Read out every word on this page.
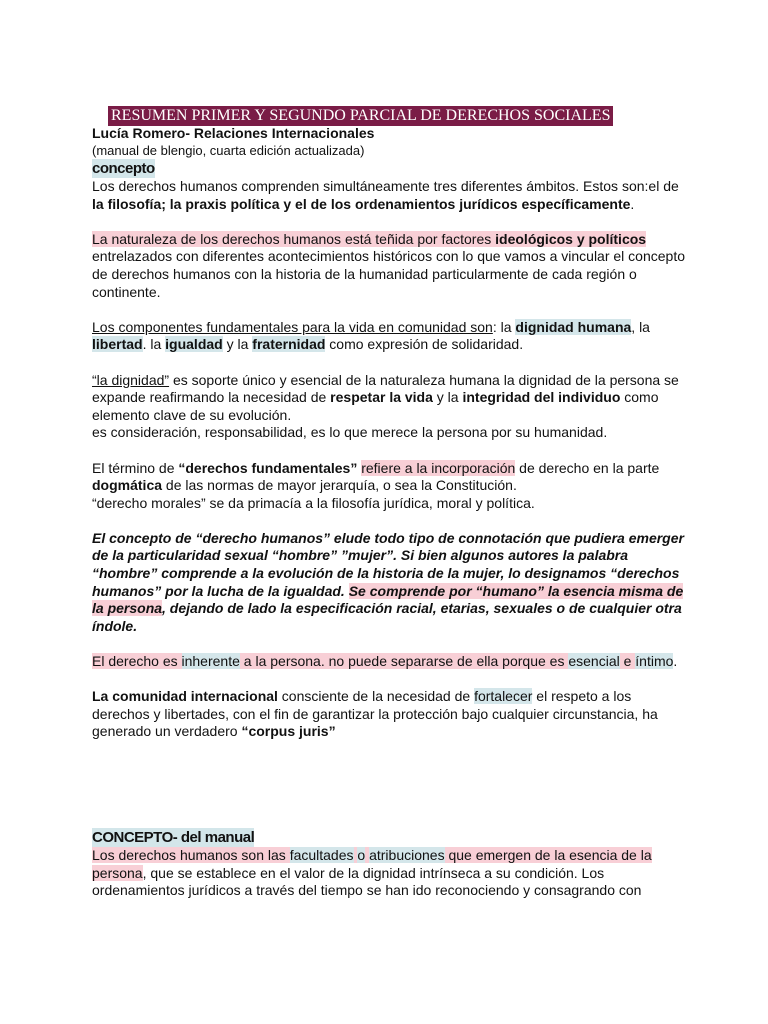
RESUMEN PRIMER Y SEGUNDO PARCIAL DE DERECHOS SOCIALES
Lucía Romero- Relaciones Internacionales
(manual de blengio, cuarta edición actualizada)
concepto

Los derechos humanos comprenden simultáneamente tres diferentes ámbitos. Estos son:el de la filosofía; la praxis política y el de los ordenamientos jurídicos específicamente.

La naturaleza de los derechos humanos está teñida por factores ideológicos y políticos entrelazados con diferentes acontecimientos históricos con lo que vamos a vincular el concepto de derechos humanos con la historia de la humanidad particularmente de cada región o continente.

Los componentes fundamentales para la vida en comunidad son: la dignidad humana, la libertad. la igualdad y la fraternidad como expresión de solidaridad.

“la dignidad” es soporte único y esencial de la naturaleza humana la dignidad de la persona se expande reafirmando la necesidad de respetar la vida y la integridad del individuo como elemento clave de su evolución.

es consideración, responsabilidad, es lo que merece la persona por su humanidad.

El término de “derechos fundamentales” refiere a la incorporación de derecho en la parte dogmática de las normas de mayor jerarquía, o sea la Constitución.

“derecho morales” se da primacía a la filosofía jurídica, moral y política.

El concepto de “derecho humanos” elude todo tipo de connotación que pudiera emerger de la particularidad sexual “hombre” ”mujer”. Si bien algunos autores la palabra “hombre” comprende a la evolución de la historia de la mujer, lo designamos “derechos humanos” por la lucha de la igualdad. Se comprende por “humano” la esencia misma de la persona, dejando de lado la especificación racial, etarias, sexuales o de cualquier otra índole.

El derecho es inherente a la persona. no puede separarse de ella porque es esencial e íntimo.

La comunidad internacional consciente de la necesidad de fortalecer el respeto a los derechos y libertades, con el fin de garantizar la protección bajo cualquier circunstancia, ha generado un verdadero “corpus juris”

CONCEPTO- del manual

Los derechos humanos son las facultades o atribuciones que emergen de la esencia de la persona, que se establece en el valor de la dignidad intrínseca a su condición. Los ordenamientos jurídicos a través del tiempo se han ido reconociendo y consagrando con
